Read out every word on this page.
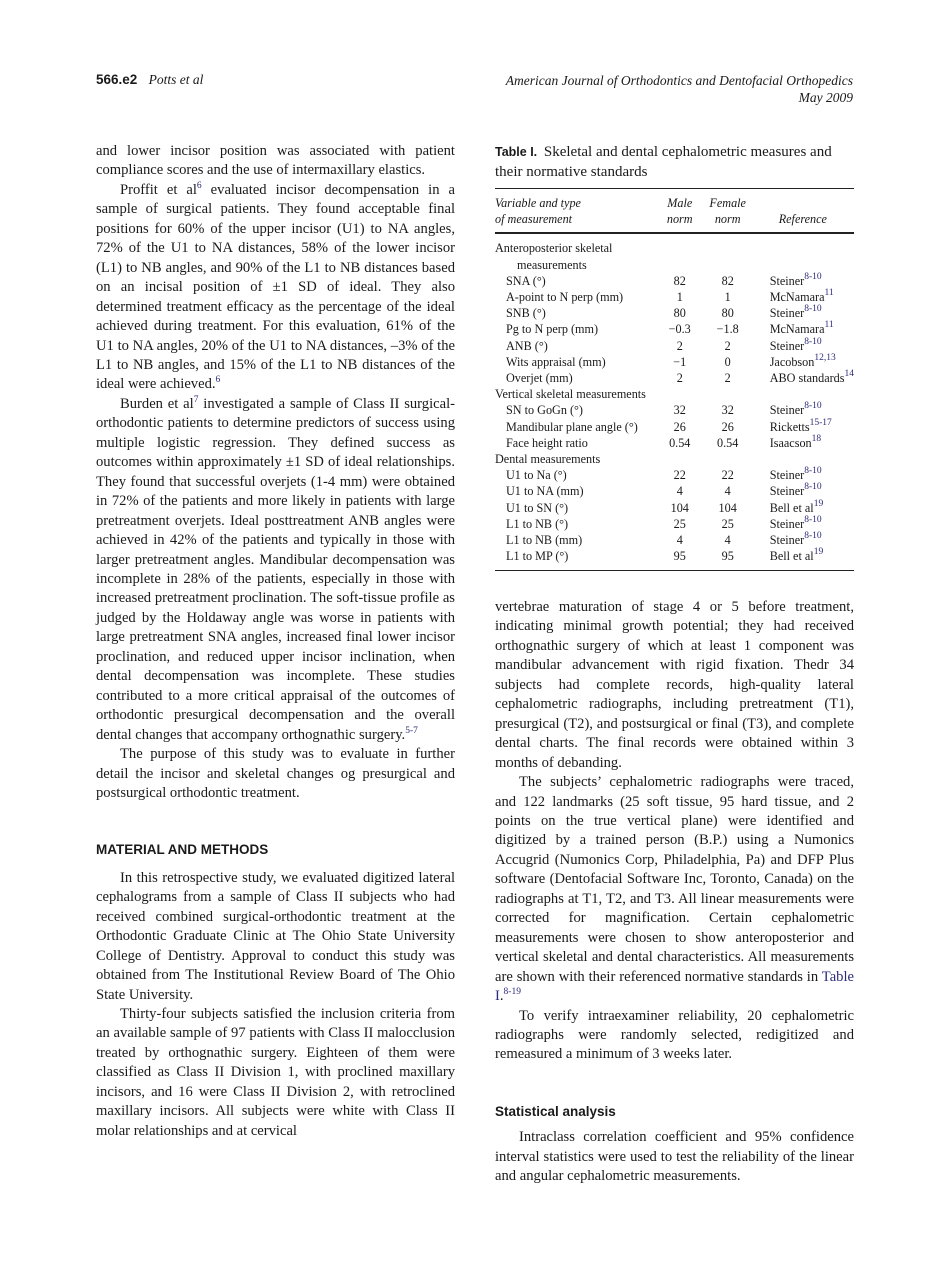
566.e2 Potts et al	American Journal of Orthodontics and Dentofacial Orthopedics
May 2009

and lower incisor position was associated with patient compliance scores and the use of intermaxillary elastics.

Proffit et al$^6$ evaluated incisor decompensation in a sample of surgical patients. They found acceptable final positions for 60% of the upper incisor (U1) to NA angles, 72% of the U1 to NA distances, 58% of the lower incisor (L1) to NB angles, and 90% of the L1 to NB distances based on an incisal position of ±1 SD of ideal. They also determined treatment efficacy as the percentage of the ideal achieved during treatment. For this evaluation, 61% of the U1 to NA angles, 20% of the U1 to NA distances, –3% of the L1 to NB angles, and 15% of the L1 to NB distances of the ideal were achieved.$^6$

Burden et al$^7$ investigated a sample of Class II surgical-orthodontic patients to determine predictors of success using multiple logistic regression. They defined success as outcomes within approximately ±1 SD of ideal relationships. They found that successful overjets (1-4 mm) were obtained in 72% of the patients and more likely in patients with large pretreatment overjets. Ideal posttreatment ANB angles were achieved in 42% of the patients and typically in those with larger pretreatment angles. Mandibular decompensation was incomplete in 28% of the patients, especially in those with increased pretreatment proclination. The soft-tissue profile as judged by the Holdaway angle was worse in patients with large pretreatment SNA angles, increased final lower incisor proclination, and reduced upper incisor inclination, when dental decompensation was incomplete. These studies contributed to a more critical appraisal of the outcomes of orthodontic presurgical decompensation and the overall dental changes that accompany orthognathic surgery.$^{5-7}$

The purpose of this study was to evaluate in further detail the incisor and skeletal changes og presurgical and postsurgical orthodontic treatment.

MATERIAL AND METHODS

In this retrospective study, we evaluated digitized lateral cephalograms from a sample of Class II subjects who had received combined surgical-orthodontic treatment at the Orthodontic Graduate Clinic at The Ohio State University College of Dentistry. Approval to conduct this study was obtained from The Institutional Review Board of The Ohio State University.

Thirty-four subjects satisfied the inclusion criteria from an available sample of 97 patients with Class II malocclusion treated by orthognathic surgery. Eighteen of them were classified as Class II Division 1, with proclined maxillary incisors, and 16 were Class II Division 2, with retroclined maxillary incisors. All subjects were white with Class II molar relationships and at cervical

Table I. Skeletal and dental cephalometric measures and their normative standards

Variable and type
of measurement	Male
norm	Female
norm	Reference
Anteroposterior skeletal			
measurements			
SNA (°)	82	82	Steiner$^{8-10}$
A-point to N perp (mm)	1	1	McNamara$^{11}$
SNB (°)	80	80	Steiner$^{8-10}$
Pg to N perp (mm)	−0.3	−1.8	McNamara$^{11}$
ANB (°)	2	2	Steiner$^{8-10}$
Wits appraisal (mm)	−1	0	Jacobson$^{12,13}$
Overjet (mm)	2	2	ABO standards$^{14}$
Vertical skeletal measurements			
SN to GoGn (°)	32	32	Steiner$^{8-10}$
Mandibular plane angle (°)	26	26	Ricketts$^{15-17}$
Face height ratio	0.54	0.54	Isaacson$^{18}$
Dental measurements			
U1 to Na (°)	22	22	Steiner$^{8-10}$
U1 to NA (mm)	4	4	Steiner$^{8-10}$
U1 to SN (°)	104	104	Bell et al$^{19}$
L1 to NB (°)	25	25	Steiner$^{8-10}$
L1 to NB (mm)	4	4	Steiner$^{8-10}$
L1 to MP (°)	95	95	Bell et al$^{19}$

vertebrae maturation of stage 4 or 5 before treatment, indicating minimal growth potential; they had received orthognathic surgery of which at least 1 component was mandibular advancement with rigid fixation. Thedr 34 subjects had complete records, high-quality lateral cephalometric radiographs, including pretreatment (T1), presurgical (T2), and postsurgical or final (T3), and complete dental charts. The final records were obtained within 3 months of debanding.

The subjects’ cephalometric radiographs were traced, and 122 landmarks (25 soft tissue, 95 hard tissue, and 2 points on the true vertical plane) were identified and digitized by a trained person (B.P.) using a Numonics Accugrid (Numonics Corp, Philadelphia, Pa) and DFP Plus software (Dentofacial Software Inc, Toronto, Canada) on the radiographs at T1, T2, and T3. All linear measurements were corrected for magnification. Certain cephalometric measurements were chosen to show anteroposterior and vertical skeletal and dental characteristics. All measurements are shown with their referenced normative standards in Table I.$^{8-19}$

To verify intraexaminer reliability, 20 cephalometric radiographs were randomly selected, redigitized and remeasured a minimum of 3 weeks later.

Statistical analysis

Intraclass correlation coefficient and 95% confidence interval statistics were used to test the reliability of the linear and angular cephalometric measurements.
